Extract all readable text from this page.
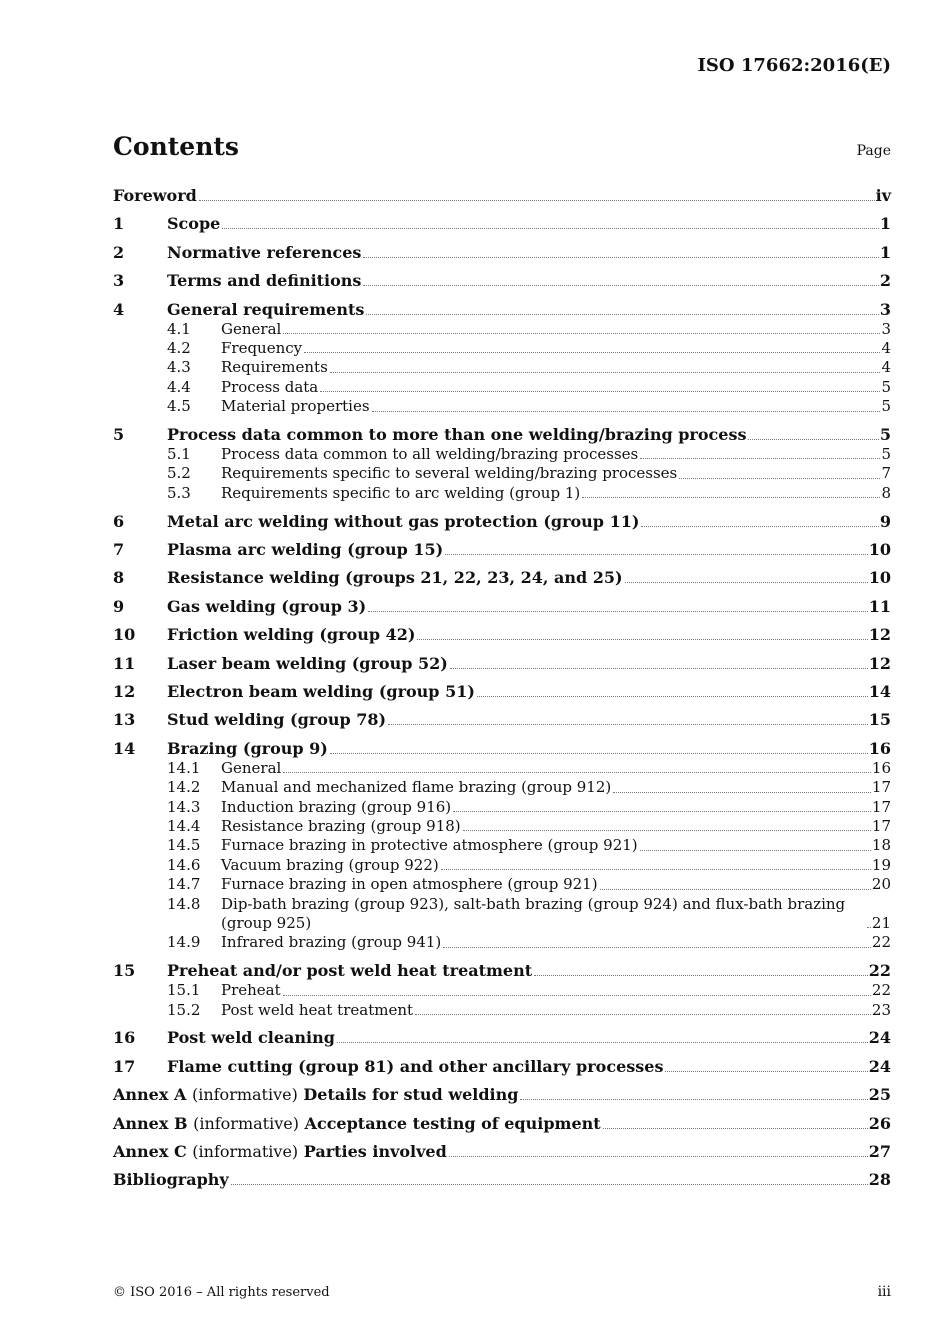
ISO 17662:2016(E)
Contents	Page
Foreword	iv
1	Scope	1
2	Normative references	1
3	Terms and definitions	2
4	General requirements	3
4.1	General	3
4.2	Frequency	4
4.3	Requirements	4
4.4	Process data	5
4.5	Material properties	5
5	Process data common to more than one welding/brazing process	5
5.1	Process data common to all welding/brazing processes	5
5.2	Requirements specific to several welding/brazing processes	7
5.3	Requirements specific to arc welding (group 1)	8
6	Metal arc welding without gas protection (group 11)	9
7	Plasma arc welding (group 15)	10
8	Resistance welding (groups 21, 22, 23, 24, and 25)	10
9	Gas welding (group 3)	11
10	Friction welding (group 42)	12
11	Laser beam welding (group 52)	12
12	Electron beam welding (group 51)	14
13	Stud welding (group 78)	15
14	Brazing (group 9)	16
14.1	General	16
14.2	Manual and mechanized flame brazing (group 912)	17
14.3	Induction brazing (group 916)	17
14.4	Resistance brazing (group 918)	17
14.5	Furnace brazing in protective atmosphere (group 921)	18
14.6	Vacuum brazing (group 922)	19
14.7	Furnace brazing in open atmosphere (group 921)	20
14.8	Dip-bath brazing (group 923), salt-bath brazing (group 924) and flux-bath brazing (group 925)	21
14.9	Infrared brazing (group 941)	22
15	Preheat and/or post weld heat treatment	22
15.1	Preheat	22
15.2	Post weld heat treatment	23
16	Post weld cleaning	24
17	Flame cutting (group 81) and other ancillary processes	24
Annex A (informative) Details for stud welding	25
Annex B (informative) Acceptance testing of equipment	26
Annex C (informative) Parties involved	27
Bibliography	28
© ISO 2016 – All rights reserved	iii
